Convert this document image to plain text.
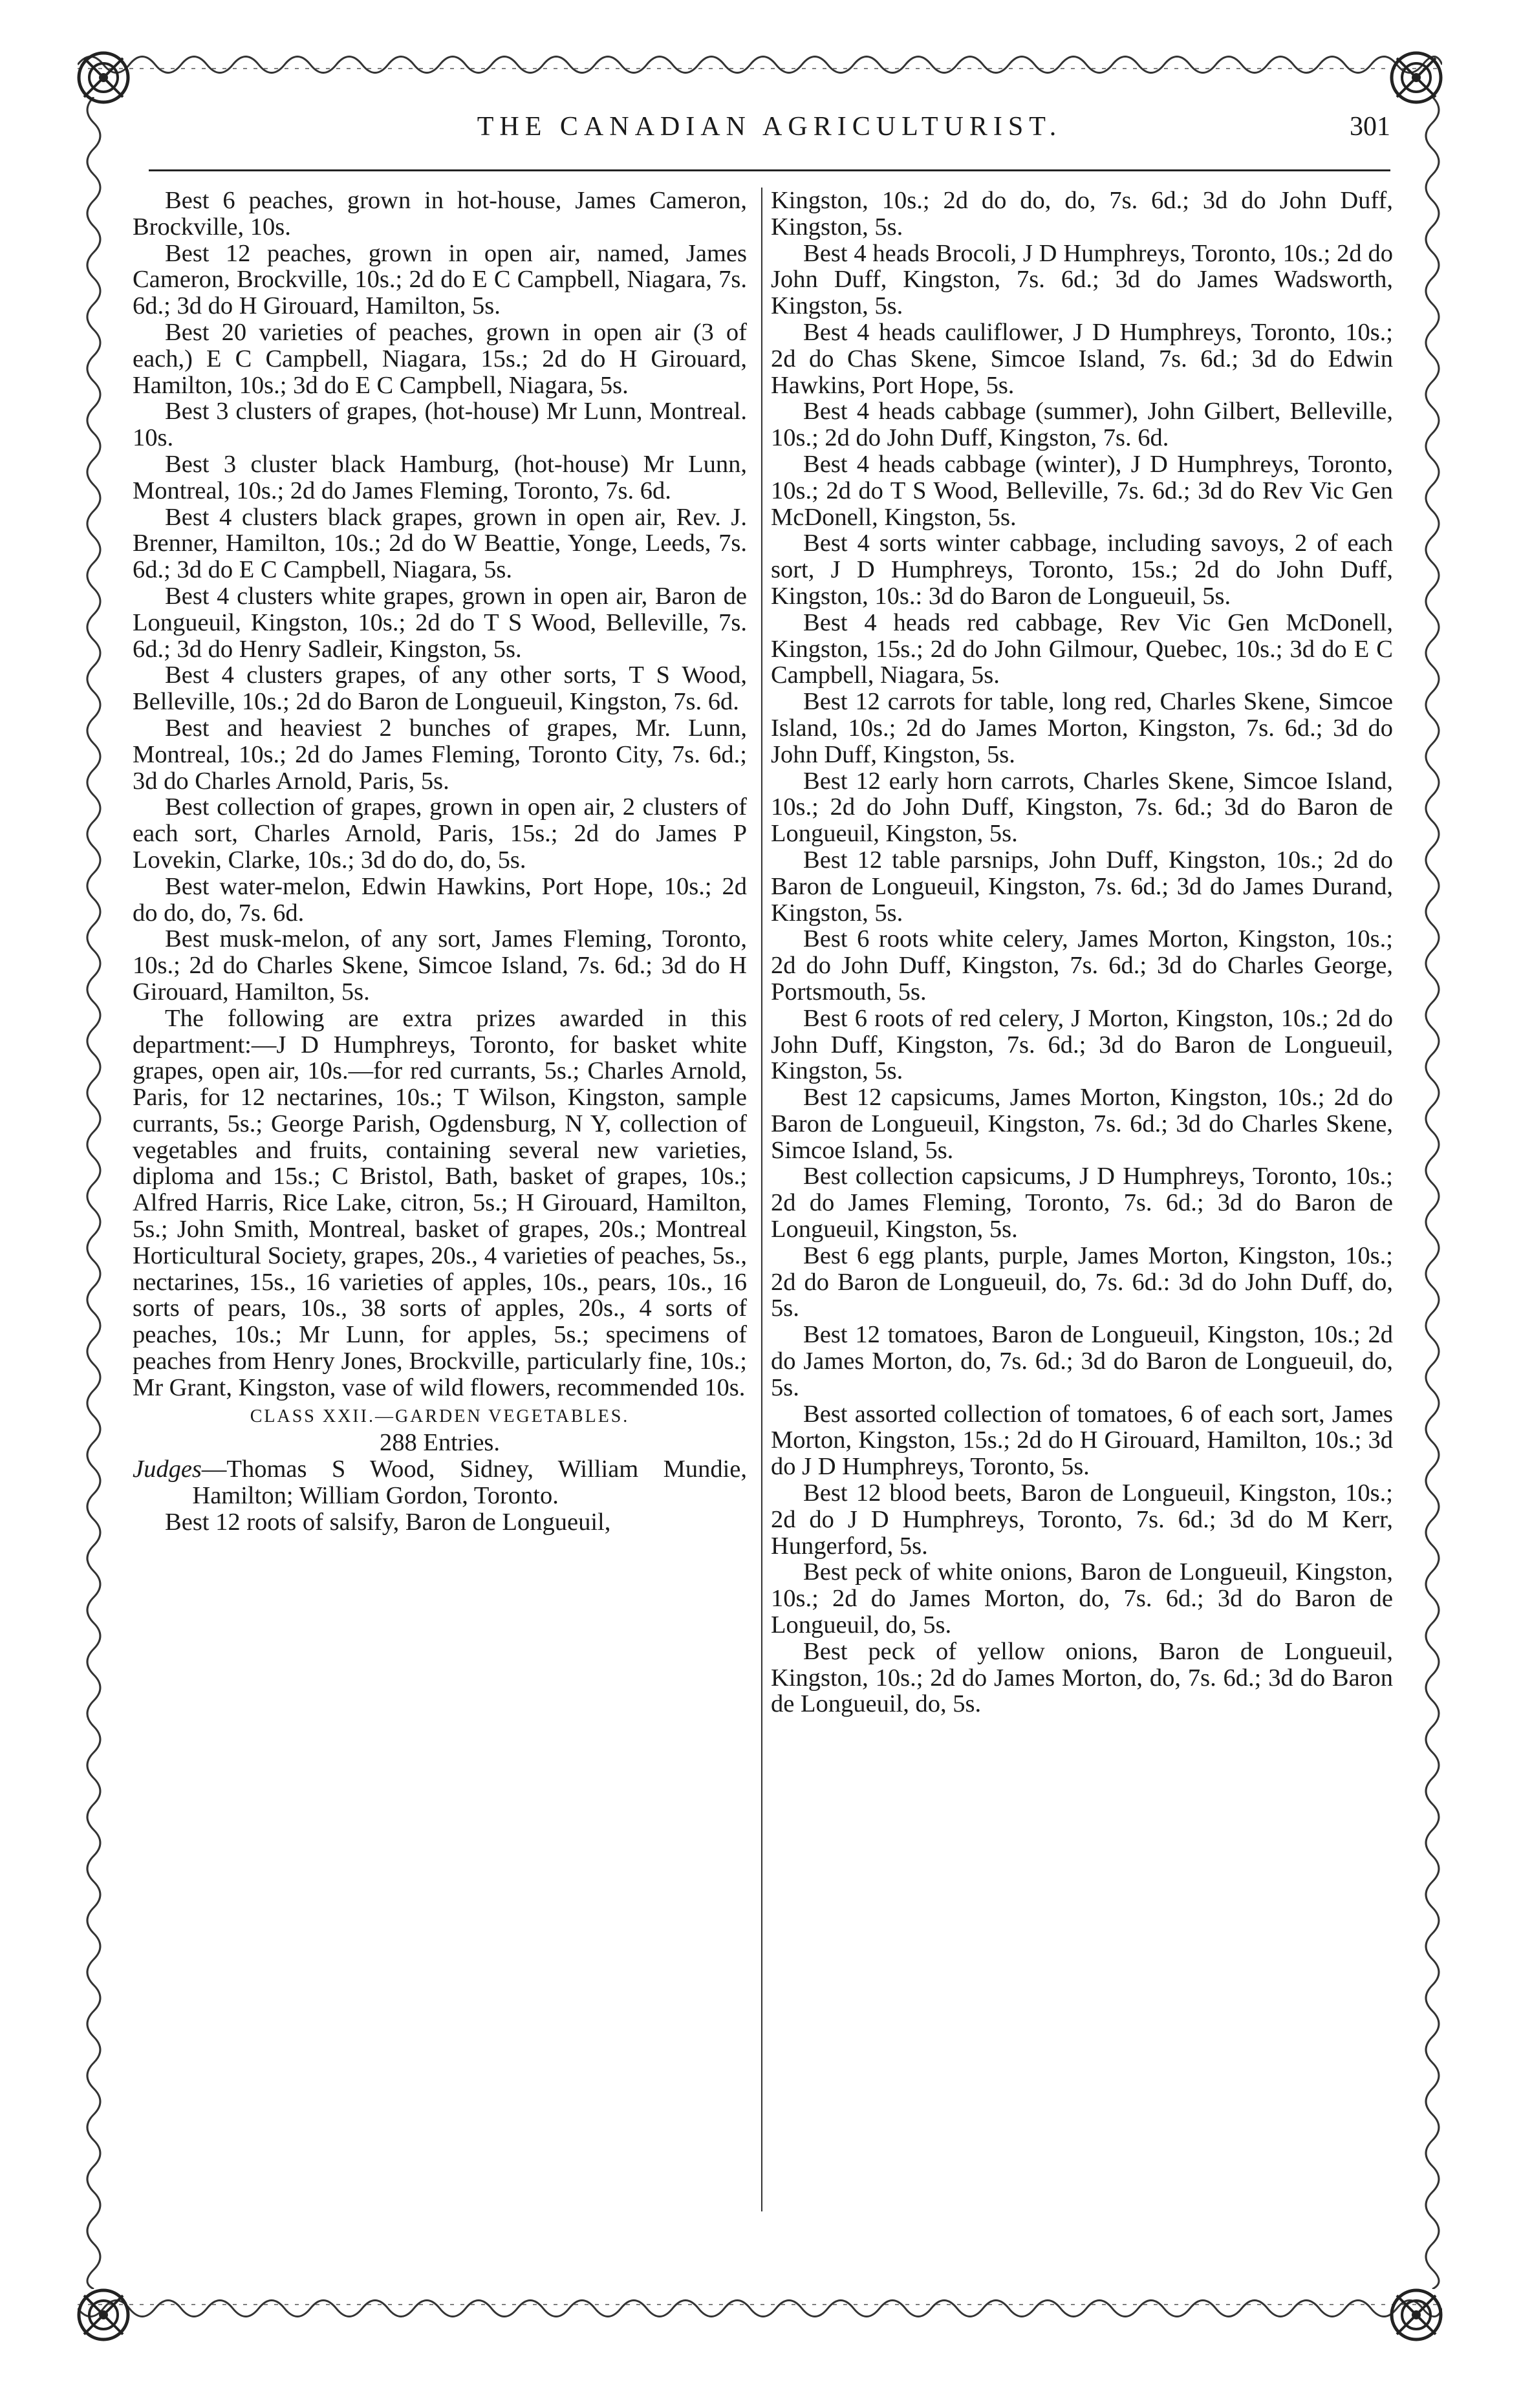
THE CANADIAN AGRICULTURIST.	301

Best 6 peaches, grown in hot-house, James Cameron, Brockville, 10s.

Best 12 peaches, grown in open air, named, James Cameron, Brockville, 10s.; 2d do E C Campbell, Niagara, 7s. 6d.; 3d do H Girouard, Hamilton, 5s.

Best 20 varieties of peaches, grown in open air (3 of each,) E C Campbell, Niagara, 15s.; 2d do H Girouard, Hamilton, 10s.; 3d do E C Campbell, Niagara, 5s.

Best 3 clusters of grapes, (hot-house) Mr Lunn, Montreal. 10s.

Best 3 cluster black Hamburg, (hot-house) Mr Lunn, Montreal, 10s.; 2d do James Fleming, Toronto, 7s. 6d.

Best 4 clusters black grapes, grown in open air, Rev. J. Brenner, Hamilton, 10s.; 2d do W Beattie, Yonge, Leeds, 7s. 6d.; 3d do E C Campbell, Niagara, 5s.

Best 4 clusters white grapes, grown in open air, Baron de Longueuil, Kingston, 10s.; 2d do T S Wood, Belleville, 7s. 6d.; 3d do Henry Sadleir, Kingston, 5s.

Best 4 clusters grapes, of any other sorts, T S Wood, Belleville, 10s.; 2d do Baron de Longueuil, Kingston, 7s. 6d.

Best and heaviest 2 bunches of grapes, Mr. Lunn, Montreal, 10s.; 2d do James Fleming, Toronto City, 7s. 6d.; 3d do Charles Arnold, Paris, 5s.

Best collection of grapes, grown in open air, 2 clusters of each sort, Charles Arnold, Paris, 15s.; 2d do James P Lovekin, Clarke, 10s.; 3d do do, do, 5s.

Best water-melon, Edwin Hawkins, Port Hope, 10s.; 2d do do, do, 7s. 6d.

Best musk-melon, of any sort, James Fleming, Toronto, 10s.; 2d do Charles Skene, Simcoe Island, 7s. 6d.; 3d do H Girouard, Hamilton, 5s.

The following are extra prizes awarded in this department:—J D Humphreys, Toronto, for basket white grapes, open air, 10s.—for red currants, 5s.; Charles Arnold, Paris, for 12 nectarines, 10s.; T Wilson, Kingston, sample currants, 5s.; George Parish, Ogdensburg, N Y, collection of vegetables and fruits, containing several new varieties, diploma and 15s.; C Bristol, Bath, basket of grapes, 10s.; Alfred Harris, Rice Lake, citron, 5s.; H Girouard, Hamilton, 5s.; John Smith, Montreal, basket of grapes, 20s.; Montreal Horticultural Society, grapes, 20s., 4 varieties of peaches, 5s., nectarines, 15s., 16 varieties of apples, 10s., pears, 10s., 16 sorts of pears, 10s., 38 sorts of apples, 20s., 4 sorts of peaches, 10s.; Mr Lunn, for apples, 5s.; specimens of peaches from Henry Jones, Brockville, particularly fine, 10s.; Mr Grant, Kingston, vase of wild flowers, recommended 10s.

CLASS XXII.—GARDEN VEGETABLES.

288 Entries.

Judges—Thomas S Wood, Sidney, William Mundie, Hamilton; William Gordon, Toronto.

Best 12 roots of salsify, Baron de Longueuil,

Kingston, 10s.; 2d do do, do, 7s. 6d.; 3d do John Duff, Kingston, 5s.

Best 4 heads Brocoli, J D Humphreys, Toronto, 10s.; 2d do John Duff, Kingston, 7s. 6d.; 3d do James Wadsworth, Kingston, 5s.

Best 4 heads cauliflower, J D Humphreys, Toronto, 10s.; 2d do Chas Skene, Simcoe Island, 7s. 6d.; 3d do Edwin Hawkins, Port Hope, 5s.

Best 4 heads cabbage (summer), John Gilbert, Belleville, 10s.; 2d do John Duff, Kingston, 7s. 6d.

Best 4 heads cabbage (winter), J D Humphreys, Toronto, 10s.; 2d do T S Wood, Belleville, 7s. 6d.; 3d do Rev Vic Gen McDonell, Kingston, 5s.

Best 4 sorts winter cabbage, including savoys, 2 of each sort, J D Humphreys, Toronto, 15s.; 2d do John Duff, Kingston, 10s.: 3d do Baron de Longueuil, 5s.

Best 4 heads red cabbage, Rev Vic Gen McDonell, Kingston, 15s.; 2d do John Gilmour, Quebec, 10s.; 3d do E C Campbell, Niagara, 5s.

Best 12 carrots for table, long red, Charles Skene, Simcoe Island, 10s.; 2d do James Morton, Kingston, 7s. 6d.; 3d do John Duff, Kingston, 5s.

Best 12 early horn carrots, Charles Skene, Simcoe Island, 10s.; 2d do John Duff, Kingston, 7s. 6d.; 3d do Baron de Longueuil, Kingston, 5s.

Best 12 table parsnips, John Duff, Kingston, 10s.; 2d do Baron de Longueuil, Kingston, 7s. 6d.; 3d do James Durand, Kingston, 5s.

Best 6 roots white celery, James Morton, Kingston, 10s.; 2d do John Duff, Kingston, 7s. 6d.; 3d do Charles George, Portsmouth, 5s.

Best 6 roots of red celery, J Morton, Kingston, 10s.; 2d do John Duff, Kingston, 7s. 6d.; 3d do Baron de Longueuil, Kingston, 5s.

Best 12 capsicums, James Morton, Kingston, 10s.; 2d do Baron de Longueuil, Kingston, 7s. 6d.; 3d do Charles Skene, Simcoe Island, 5s.

Best collection capsicums, J D Humphreys, Toronto, 10s.; 2d do James Fleming, Toronto, 7s. 6d.; 3d do Baron de Longueuil, Kingston, 5s.

Best 6 egg plants, purple, James Morton, Kingston, 10s.; 2d do Baron de Longueuil, do, 7s. 6d.: 3d do John Duff, do, 5s.

Best 12 tomatoes, Baron de Longueuil, Kingston, 10s.; 2d do James Morton, do, 7s. 6d.; 3d do Baron de Longueuil, do, 5s.

Best assorted collection of tomatoes, 6 of each sort, James Morton, Kingston, 15s.; 2d do H Girouard, Hamilton, 10s.; 3d do J D Humphreys, Toronto, 5s.

Best 12 blood beets, Baron de Longueuil, Kingston, 10s.; 2d do J D Humphreys, Toronto, 7s. 6d.; 3d do M Kerr, Hungerford, 5s.

Best peck of white onions, Baron de Longueuil, Kingston, 10s.; 2d do James Morton, do, 7s. 6d.; 3d do Baron de Longueuil, do, 5s.

Best peck of yellow onions, Baron de Longueuil, Kingston, 10s.; 2d do James Morton, do, 7s. 6d.; 3d do Baron de Longueuil, do, 5s.
